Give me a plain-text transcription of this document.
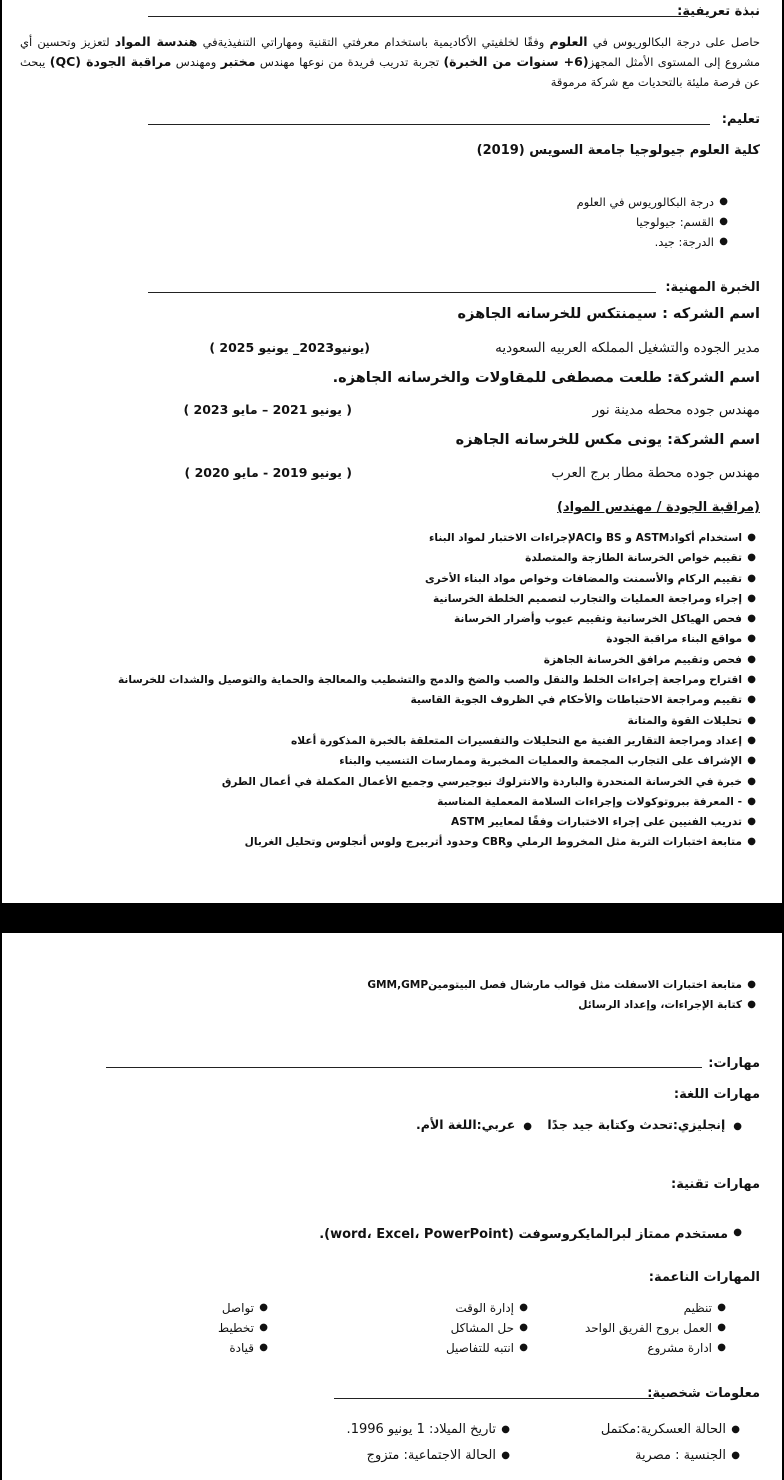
نبذة تعريفية:
حاصل على درجة البكالوريوس في العلوم وفقًا لخلفيتي الأكاديمية باستخدام معرفتي التقنية ومهاراتي التنفيذيةفي هندسة المواد لتعزيز وتحسين أي مشروع إلى المستوى الأمثل المجهز(6+ سنوات من الخبرة) تجربة تدريب فريدة من نوعها مهندس مختبر ومهندس مراقبة الجودة (QC) يبحث عن فرصة مليئة بالتحديات مع شركة مرموقة
تعليم:
كلية العلوم جيولوجيا جامعة السويس (2019)
●
درجة البكالوريوس في العلوم
●
القسم: جيولوجيا
●
الدرجة: جيد.
الخبرة المهنية:
اسم الشركه : سيمنتكس للخرسانه الجاهزه
مدير الجوده والتشغيل المملكه العربيه السعوديه
(يونيو2023_ يونيو 2025 )
اسم الشركة: طلعت مصطفى للمقاولات والخرسانه الجاهزه.
مهندس جوده محطه مدينة نور
( يونيو 2021 – مايو 2023 )
اسم الشركة: يونى مكس للخرسانه الجاهزه
مهندس جوده محطة مطار برج العرب
( يونيو 2019 - مايو 2020 )
(مراقبة الجودة / مهندس المواد)
●
استخدام أكوادASTM و BS وACIلإجراءات الاختبار لمواد البناء
●
تقييم خواص الخرسانة الطازجة والمتصلدة
●
تقييم الركام والأسمنت والمضافات وخواص مواد البناء الأخرى
●
إجراء ومراجعة العمليات والتجارب لتصميم الخلطة الخرسانية
●
فحص الهياكل الخرسانية وتقييم عيوب وأضرار الخرسانة
●
مواقع البناء مراقبة الجودة
●
فحص وتقييم مرافق الخرسانة الجاهزة
●
اقتراح ومراجعة إجراءات الخلط والنقل والصب والضخ والدمج والتشطيب والمعالجة والحماية والتوصيل والشدات للخرسانة
●
تقييم ومراجعة الاحتياطات والأحكام في الظروف الجوية القاسية
●
تحليلات القوة والمتانة
●
إعداد ومراجعة التقارير الفنية مع التحليلات والتفسيرات المتعلقة بالخبرة المذكورة أعلاه
●
الإشراف على التجارب المجمعة والعمليات المخبرية وممارسات التنسيب والبناء
●
خبرة في الخرسانة المنحدرة والباردة والانترلوك نيوجيرسي وجميع الأعمال المكملة في أعمال الطرق
●
- المعرفة ببروتوكولات وإجراءات السلامة المعملية المناسبة
●
تدريب الفنيين على إجراء الاختبارات وفقًا لمعايير ASTM
●
متابعة اختبارات التربة مثل المخروط الرملي وCBR وحدود أتربيرج ولوس أنجلوس وتحليل الغربال
●
متابعة اختبارات الاسفلت مثل قوالب مارشال فصل البيتومينGMM,GMP
●
كتابة الإجراءات، وإعداد الرسائل
مهارات:
مهارات اللغة:
●إنجليزي:تحدث وكتابة جيد جدًا
●عربي:اللغة الأم.
مهارات تقنية:
●
مستخدم ممتاز لبرالمايكروسوفت (word، Excel، PowerPoint).
المهارات الناعمة:
●
تنظيم
●
العمل بروح الفريق الواحد
●
ادارة مشروع
●
إدارة الوقت
●
حل المشاكل
●
انتبه للتفاصيل
●
تواصل
●
تخطيط
●
قيادة
معلومات شخصية:
●
الحالة العسكرية:مكتمل
●
الجنسية : مصرية
●
تاريخ الميلاد: 1 يونيو 1996.
●
الحالة الاجتماعية: متزوج
